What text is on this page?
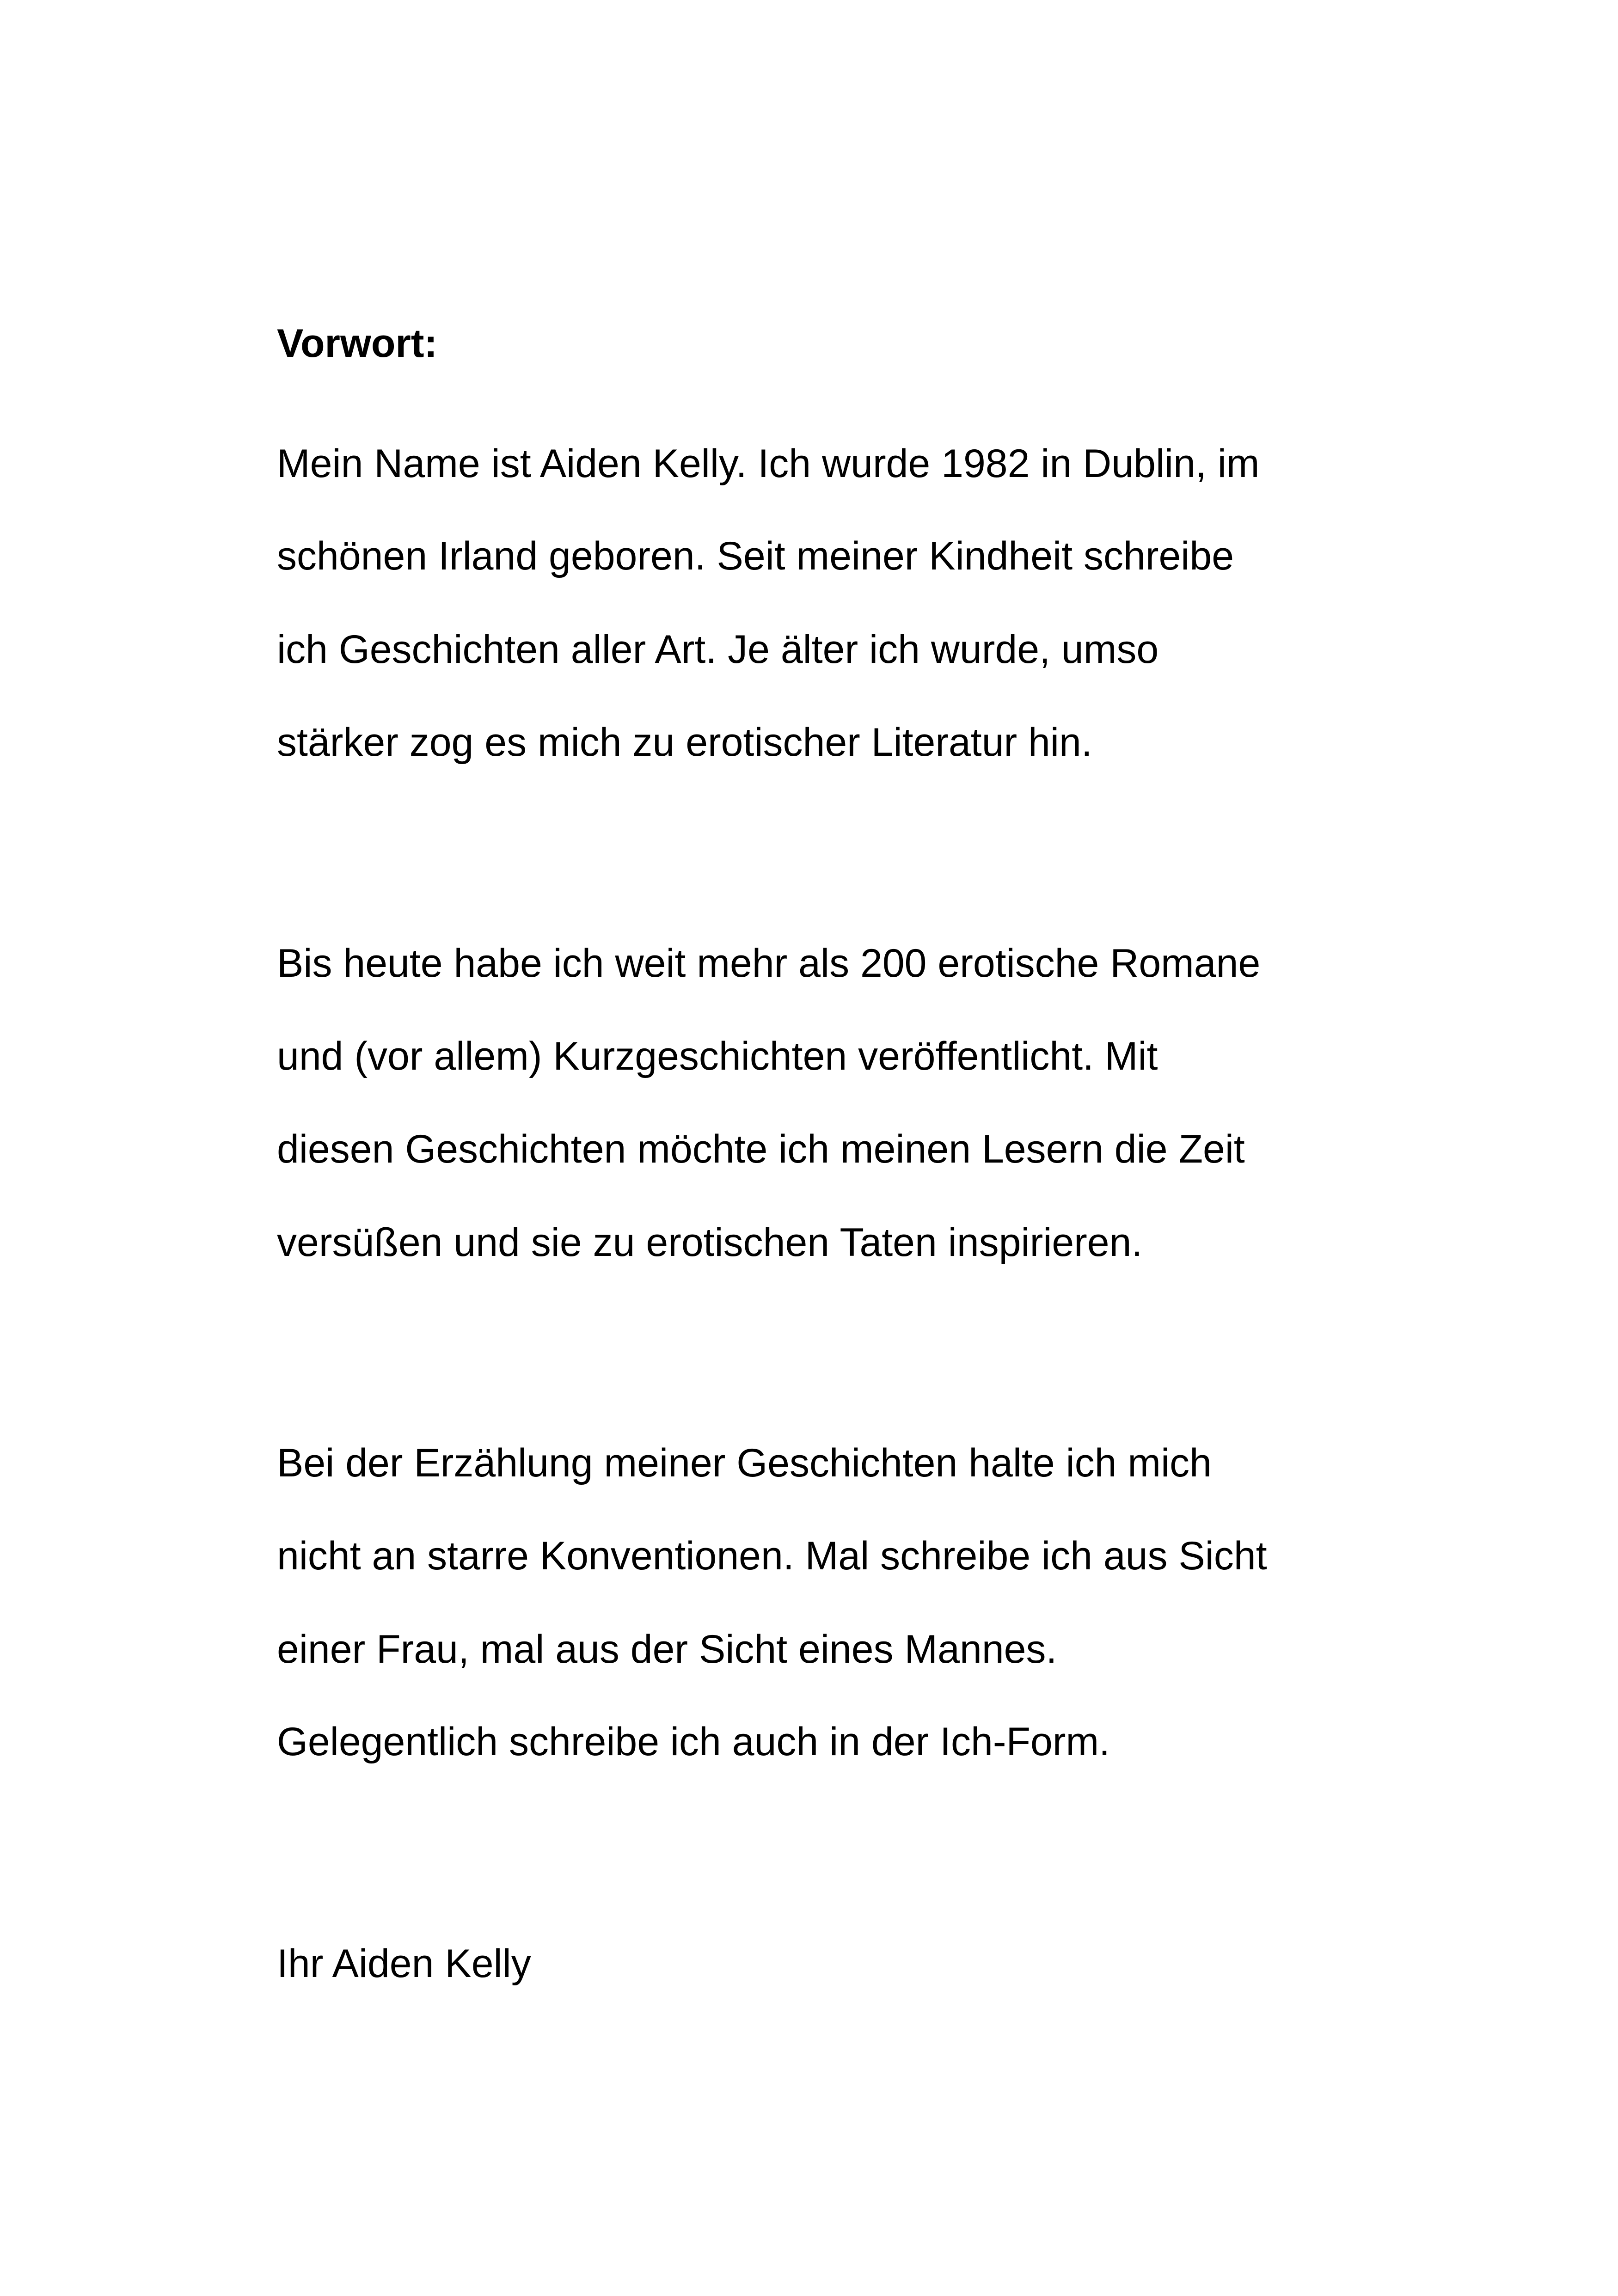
Vorwort:
Mein Name ist Aiden Kelly. Ich wurde 1982 in Dublin, im
schönen Irland geboren. Seit meiner Kindheit schreibe
ich Geschichten aller Art. Je älter ich wurde, umso
stärker zog es mich zu erotischer Literatur hin.
Bis heute habe ich weit mehr als 200 erotische Romane
und (vor allem) Kurzgeschichten veröffentlicht. Mit
diesen Geschichten möchte ich meinen Lesern die Zeit
versüßen und sie zu erotischen Taten inspirieren.
Bei der Erzählung meiner Geschichten halte ich mich
nicht an starre Konventionen. Mal schreibe ich aus Sicht
einer Frau, mal aus der Sicht eines Mannes.
Gelegentlich schreibe ich auch in der Ich-Form.
Ihr Aiden Kelly
